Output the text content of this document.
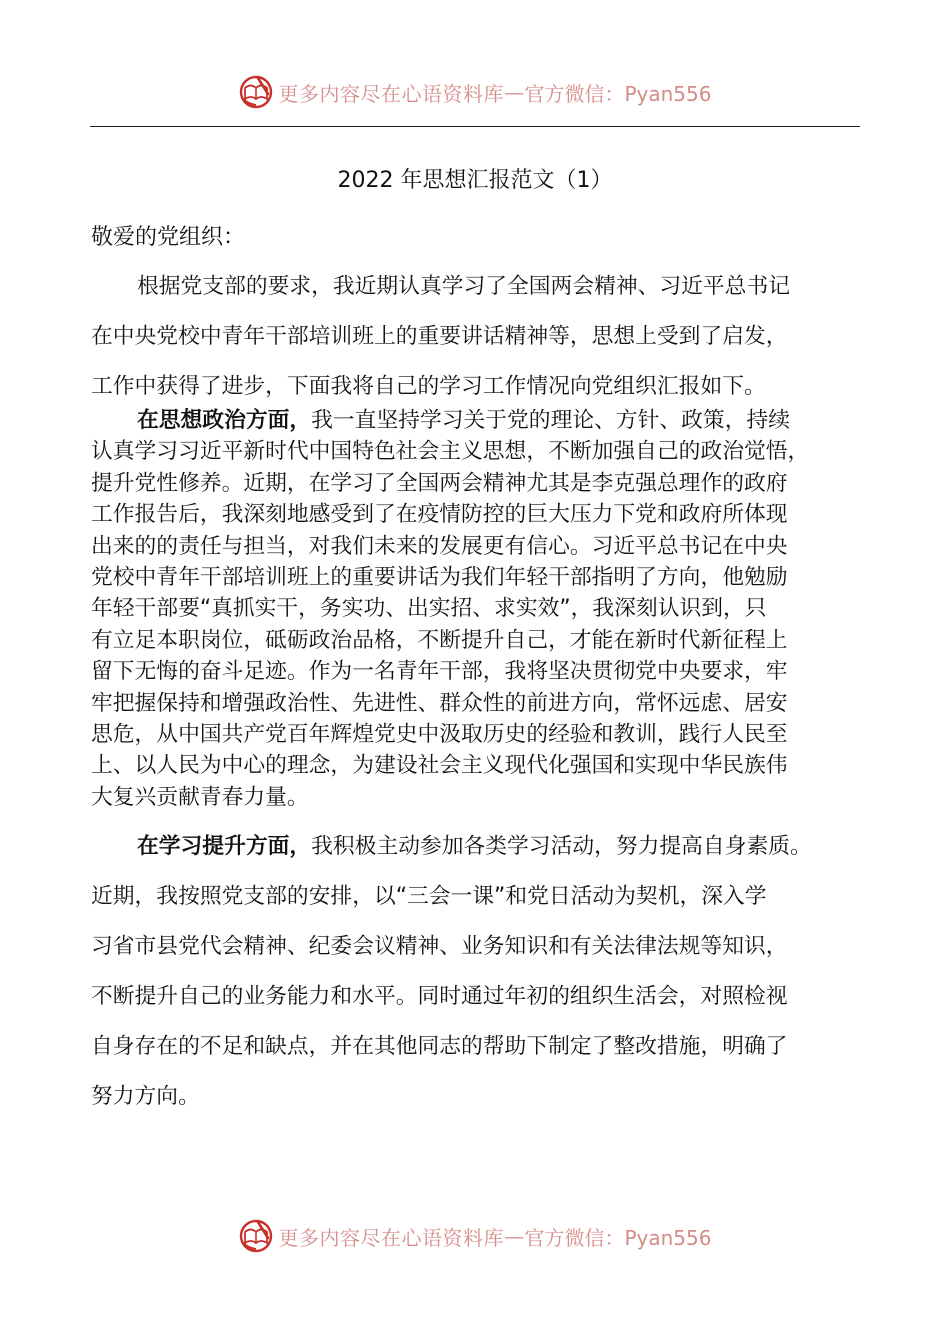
更多内容尽在心语资料库 — 官方微信：Pyan556
2022 年思想汇报范文（1）
敬爱的党组织：
根据党支部的要求，我近期认真学习了全国两会精神、习近平总书记
在中央党校中青年干部培训班上的重要讲话精神等，思想上受到了启发，
工作中获得了进步，下面我将自己的学习工作情况向党组织汇报如下。
在思想政治方面，我一直坚持学习关于党的理论、方针、政策，持续
认真学习习近平新时代中国特色社会主义思想，不断加强自己的政治觉悟，
提升党性修养。近期，在学习了全国两会精神尤其是李克强总理作的政府
工作报告后，我深刻地感受到了在疫情防控的巨大压力下党和政府所体现
出来的的责任与担当，对我们未来的发展更有信心。习近平总书记在中央
党校中青年干部培训班上的重要讲话为我们年轻干部指明了方向，他勉励
年轻干部要“真抓实干，务实功、出实招、求实效”，我深刻认识到，只
有立足本职岗位，砥砺政治品格，不断提升自己，才能在新时代新征程上
留下无悔的奋斗足迹。作为一名青年干部，我将坚决贯彻党中央要求，牢
牢把握保持和增强政治性、先进性、群众性的前进方向，常怀远虑、居安
思危，从中国共产党百年辉煌党史中汲取历史的经验和教训，践行人民至
上、以人民为中心的理念，为建设社会主义现代化强国和实现中华民族伟
大复兴贡献青春力量。
在学习提升方面，我积极主动参加各类学习活动，努力提高自身素质。
近期，我按照党支部的安排，以“三会一课”和党日活动为契机，深入学
习省市县党代会精神、纪委会议精神、业务知识和有关法律法规等知识，
不断提升自己的业务能力和水平。同时通过年初的组织生活会，对照检视
自身存在的不足和缺点，并在其他同志的帮助下制定了整改措施，明确了
努力方向。
更多内容尽在心语资料库 — 官方微信：Pyan556
